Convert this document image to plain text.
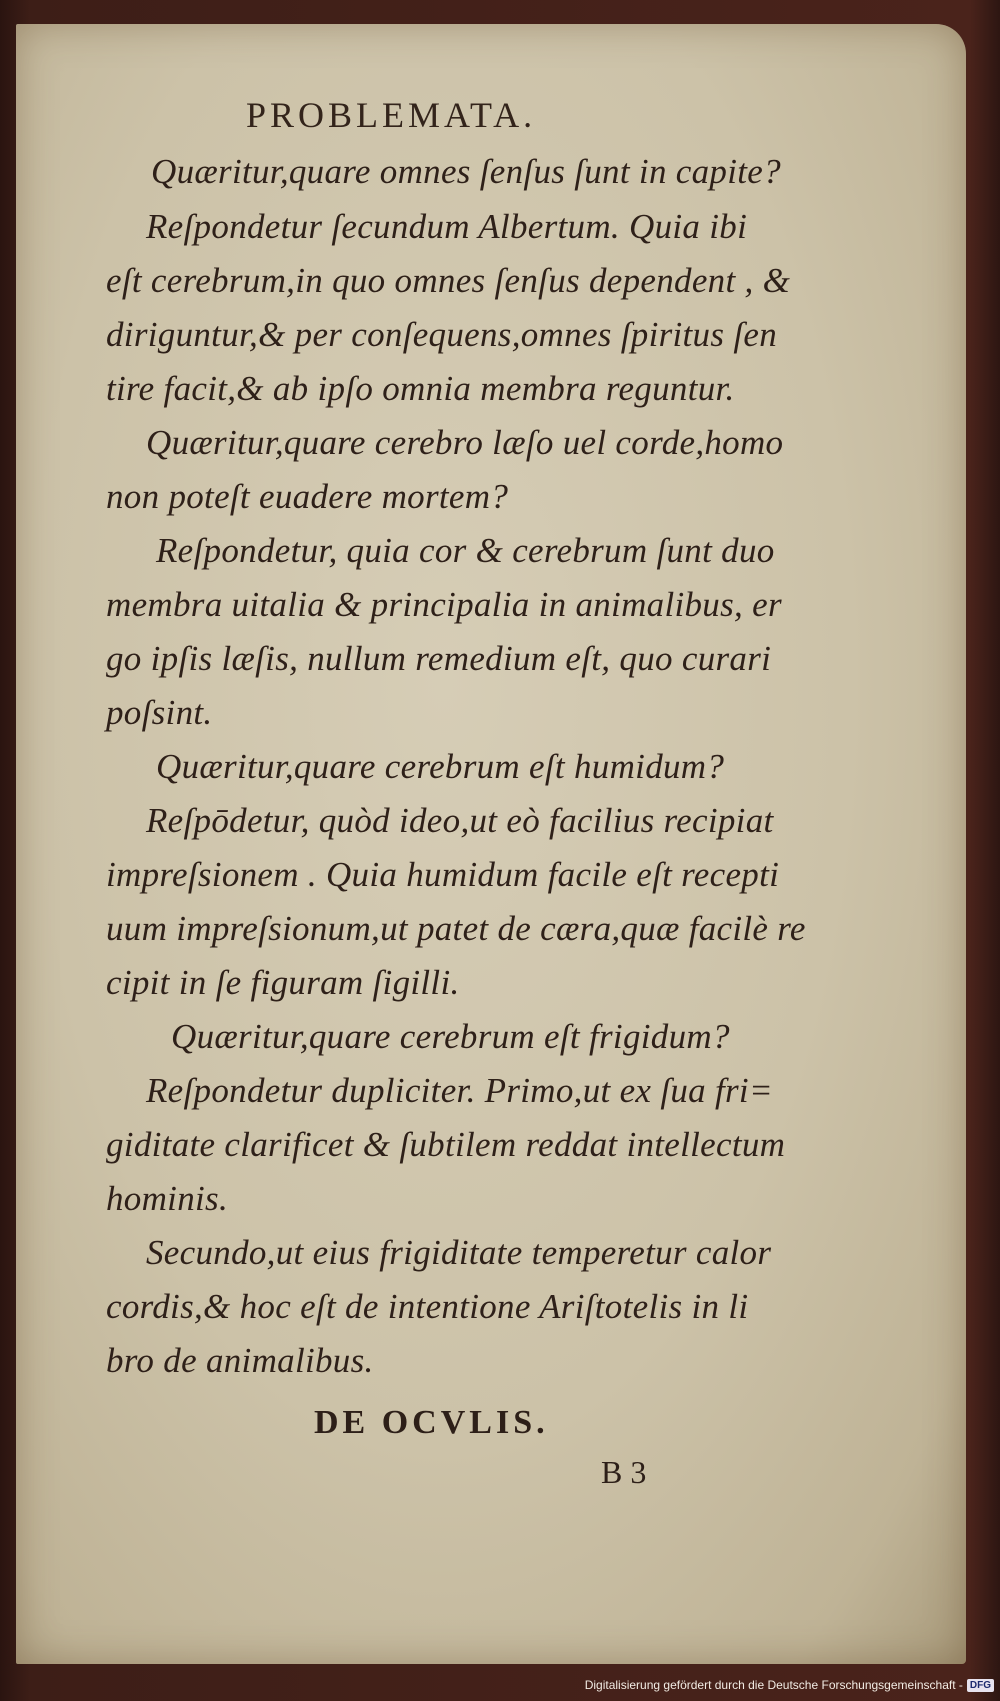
PROBLEMATA.
Quæritur,quare omnes ſenſus ſunt in capite?
Reſpondetur ſecundum Albertum. Quia ibi
eſt cerebrum,in quo omnes ſenſus dependent , &
diriguntur,& per conſequens,omnes ſpiritus ſen
tire facit,& ab ipſo omnia membra reguntur.
Quæritur,quare cerebro læſo uel corde,homo
non poteſt euadere mortem?
Reſpondetur, quia cor & cerebrum ſunt duo
membra uitalia & principalia in animalibus, er
go ipſis læſis, nullum remedium eſt, quo curari
poſsint.
Quæritur,quare cerebrum eſt humidum?
Reſpōdetur, quòd ideo,ut eò facilius recipiat
impreſsionem . Quia humidum facile eſt recepti
uum impreſsionum,ut patet de cæra,quæ facilè re
cipit in ſe figuram ſigilli.
Quæritur,quare cerebrum eſt frigidum?
Reſpondetur dupliciter. Primo,ut ex ſua fri=
giditate clarificet & ſubtilem reddat intellectum
hominis.
Secundo,ut eius frigiditate temperetur calor
cordis,& hoc eſt de intentione Ariſtotelis in li
bro de animalibus.
DE OCVLIS.
B 3
Digitalisierung gefördert durch die Deutsche Forschungsgemeinschaft - DFG
